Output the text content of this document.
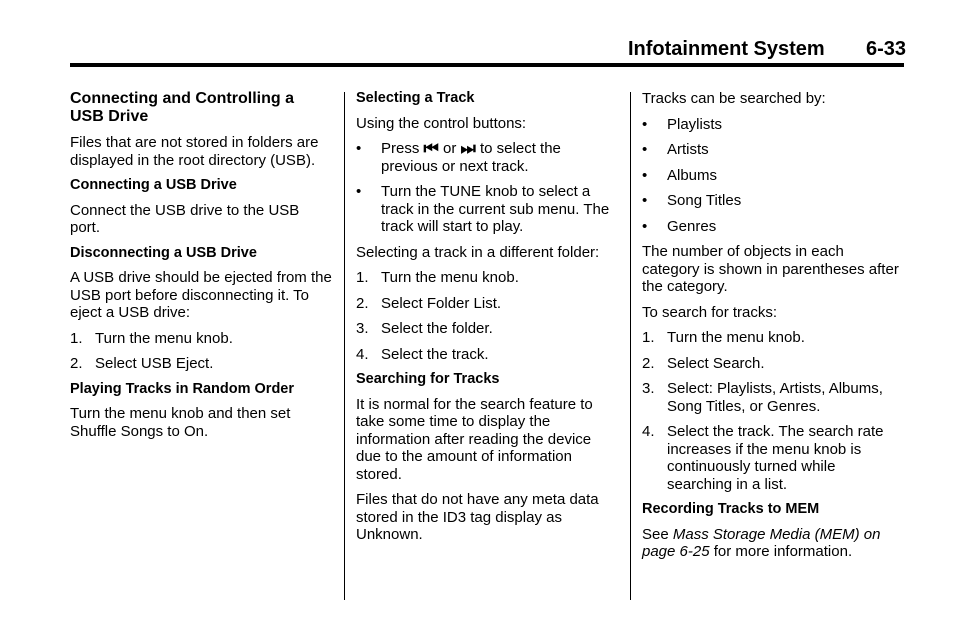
Infotainment System 6-33
Connecting and Controlling a USB Drive

Files that are not stored in folders are displayed in the root directory (USB).

Connecting a USB Drive

Connect the USB drive to the USB port.

Disconnecting a USB Drive

A USB drive should be ejected from the USB port before disconnecting it. To eject a USB drive:

1. Turn the menu knob.
2. Select USB Eject.
Playing Tracks in Random Order

Turn the menu knob and then set Shuffle Songs to On.

Selecting a Track

Using the control buttons:

• Press ⏮ or ⏭ to select the previous or next track.
• Turn the TUNE knob to select a track in the current sub menu. The track will start to play.

Selecting a track in a different folder:

1. Turn the menu knob.
2. Select Folder List.
3. Select the folder.
4. Select the track.
Searching for Tracks

It is normal for the search feature to take some time to display the information after reading the device due to the amount of information stored.

Files that do not have any meta data stored in the ID3 tag display as Unknown.

Tracks can be searched by:

• Playlists
• Artists
• Albums
• Song Titles
• Genres

The number of objects in each category is shown in parentheses after the category.

To search for tracks:

1. Turn the menu knob.
2. Select Search.
3. Select: Playlists, Artists, Albums, Song Titles, or Genres.
4. Select the track. The search rate increases if the menu knob is continuously turned while searching in a list.
Recording Tracks to MEM

See Mass Storage Media (MEM) on page 6-25 for more information.
